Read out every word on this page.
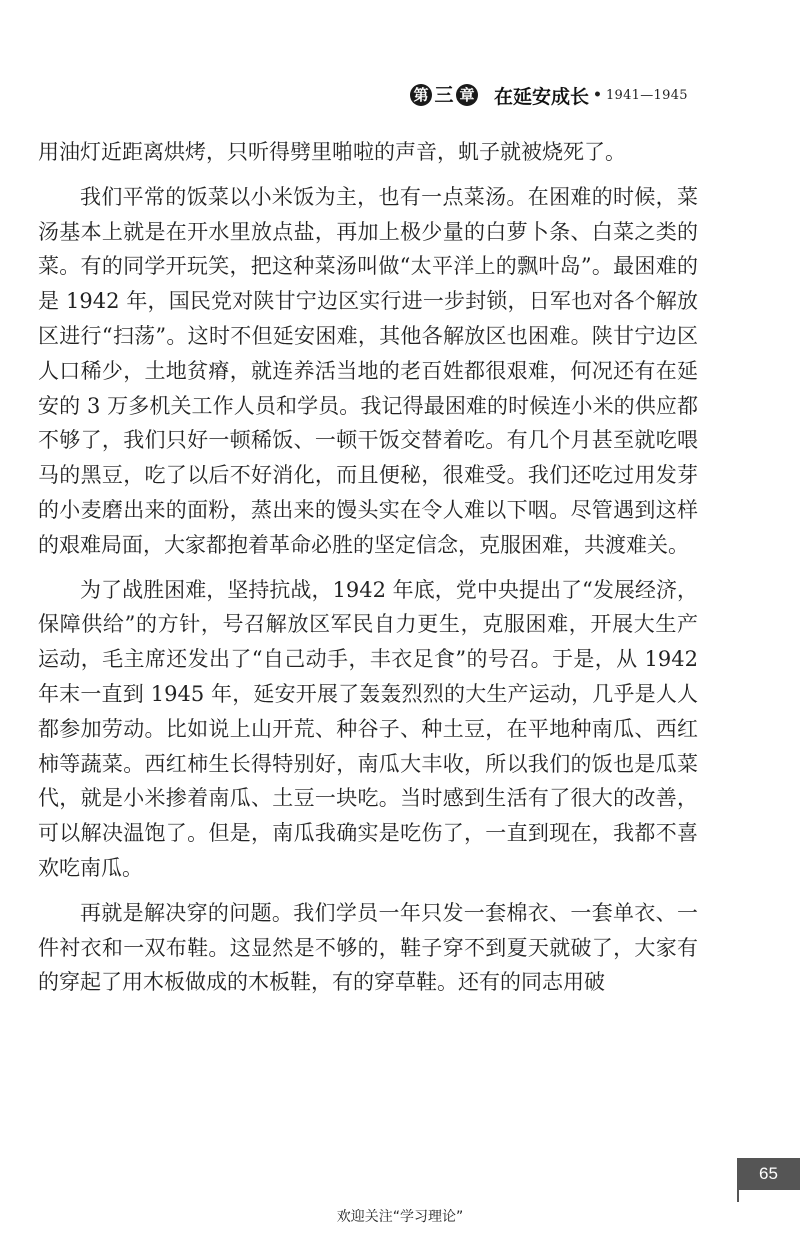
第 三 章 在延安成长 • 1941—1945

用油灯近距离烘烤，只听得劈里啪啦的声音，虮子就被烧死了。

我们平常的饭菜以小米饭为主，也有一点菜汤。在困难的时候，菜汤基本上就是在开水里放点盐，再加上极少量的白萝卜条、白菜之类的菜。有的同学开玩笑，把这种菜汤叫做“太平洋上的飘叶岛”。最困难的是 1942 年，国民党对陕甘宁边区实行进一步封锁，日军也对各个解放区进行“扫荡”。这时不但延安困难，其他各解放区也困难。陕甘宁边区人口稀少，土地贫瘠，就连养活当地的老百姓都很艰难，何况还有在延安的 3 万多机关工作人员和学员。我记得最困难的时候连小米的供应都不够了，我们只好一顿稀饭、一顿干饭交替着吃。有几个月甚至就吃喂马的黑豆，吃了以后不好消化，而且便秘，很难受。我们还吃过用发芽的小麦磨出来的面粉，蒸出来的馒头实在令人难以下咽。尽管遇到这样的艰难局面，大家都抱着革命必胜的坚定信念，克服困难，共渡难关。

为了战胜困难，坚持抗战，1942 年底，党中央提出了“发展经济，保障供给”的方针，号召解放区军民自力更生，克服困难，开展大生产运动，毛主席还发出了“自己动手，丰衣足食”的号召。于是，从 1942 年末一直到 1945 年，延安开展了轰轰烈烈的大生产运动，几乎是人人都参加劳动。比如说上山开荒、种谷子、种土豆，在平地种南瓜、西红柿等蔬菜。西红柿生长得特别好，南瓜大丰收，所以我们的饭也是瓜菜代，就是小米掺着南瓜、土豆一块吃。当时感到生活有了很大的改善，可以解决温饱了。但是，南瓜我确实是吃伤了，一直到现在，我都不喜欢吃南瓜。

再就是解决穿的问题。我们学员一年只发一套棉衣、一套单衣、一件衬衣和一双布鞋。这显然是不够的，鞋子穿不到夏天就破了，大家有的穿起了用木板做成的木板鞋，有的穿草鞋。还有的同志用破

65
欢迎关注“学习理论”
